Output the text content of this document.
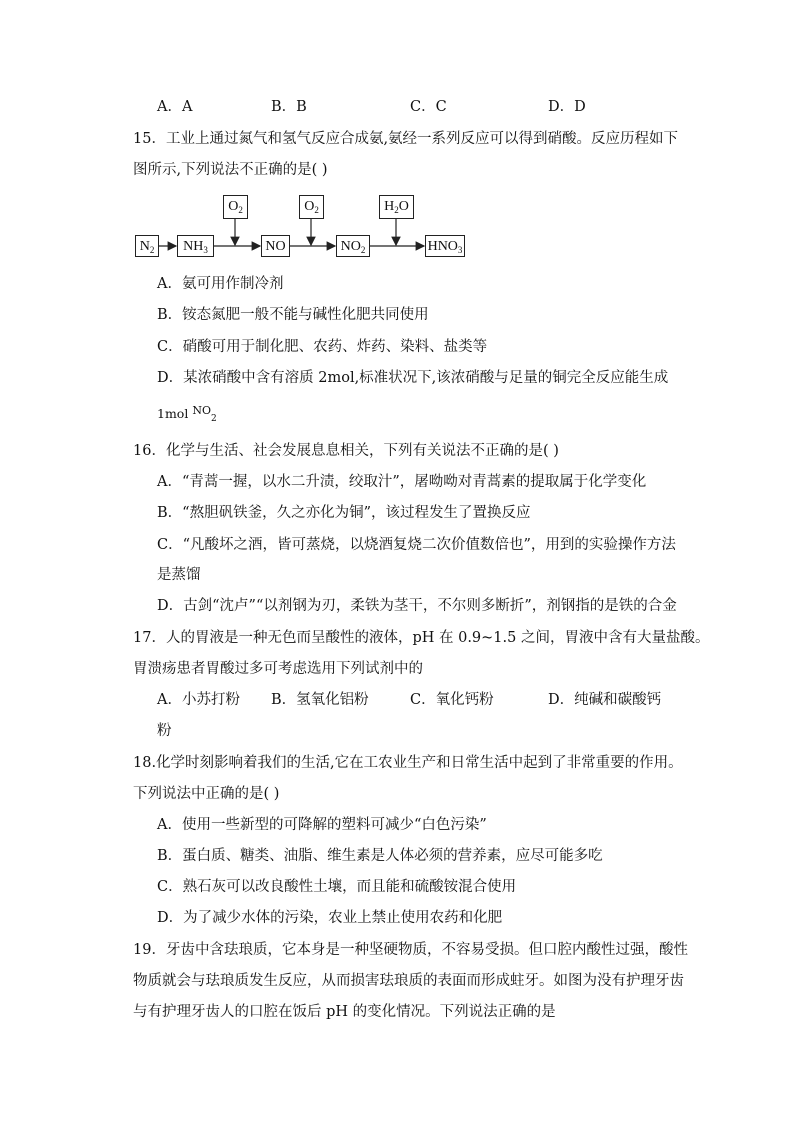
A．A	B．B	C．C	D．D
15．工业上通过氮气和氢气反应合成氨,氨经一系列反应可以得到硝酸。反应历程如下
图所示,下列说法不正确的是( )
$N_2$	$NH_3$	NO	$NO_2$	$HNO_3$
$O_2$	$O_2$	$H_2O$
A．氨可用作制冷剂
B．铵态氮肥一般不能与碱性化肥共同使用
C．硝酸可用于制化肥、农药、炸药、染料、盐类等
D．某浓硝酸中含有溶质 2mol,标准状况下,该浓硝酸与足量的铜完全反应能生成
1mol $NO_2$
16．化学与生活、社会发展息息相关，下列有关说法不正确的是( )
A．“青蒿一握，以水二升渍，绞取汁”，屠呦呦对青蒿素的提取属于化学变化
B．“熬胆矾铁釜，久之亦化为铜”，该过程发生了置换反应
C．“凡酸坏之酒，皆可蒸烧，以烧酒复烧二次价值数倍也”，用到的实验操作方法
是蒸馏
D．古剑“沈卢”“以剂钢为刃，柔铁为茎干，不尔则多断折”，剂钢指的是铁的合金
17．人的胃液是一种无色而呈酸性的液体，pH 在 0.9~1.5 之间，胃液中含有大量盐酸。
胃溃疡患者胃酸过多可考虑选用下列试剂中的
A．小苏打粉 B．氢氧化铝粉	C．氧化钙粉	D．纯碱和碳酸钙
粉
18.化学时刻影响着我们的生活,它在工农业生产和日常生活中起到了非常重要的作用。
下列说法中正确的是( )
A．使用一些新型的可降解的塑料可减少“白色污染”
B．蛋白质、糖类、油脂、维生素是人体必须的营养素，应尽可能多吃
C．熟石灰可以改良酸性土壤，而且能和硫酸铵混合使用
D．为了减少水体的污染，农业上禁止使用农药和化肥
19．牙齿中含珐琅质，它本身是一种坚硬物质，不容易受损。但口腔内酸性过强，酸性
物质就会与珐琅质发生反应，从而损害珐琅质的表面而形成蛀牙。如图为没有护理牙齿
与有护理牙齿人的口腔在饭后 pH 的变化情况。下列说法正确的是
